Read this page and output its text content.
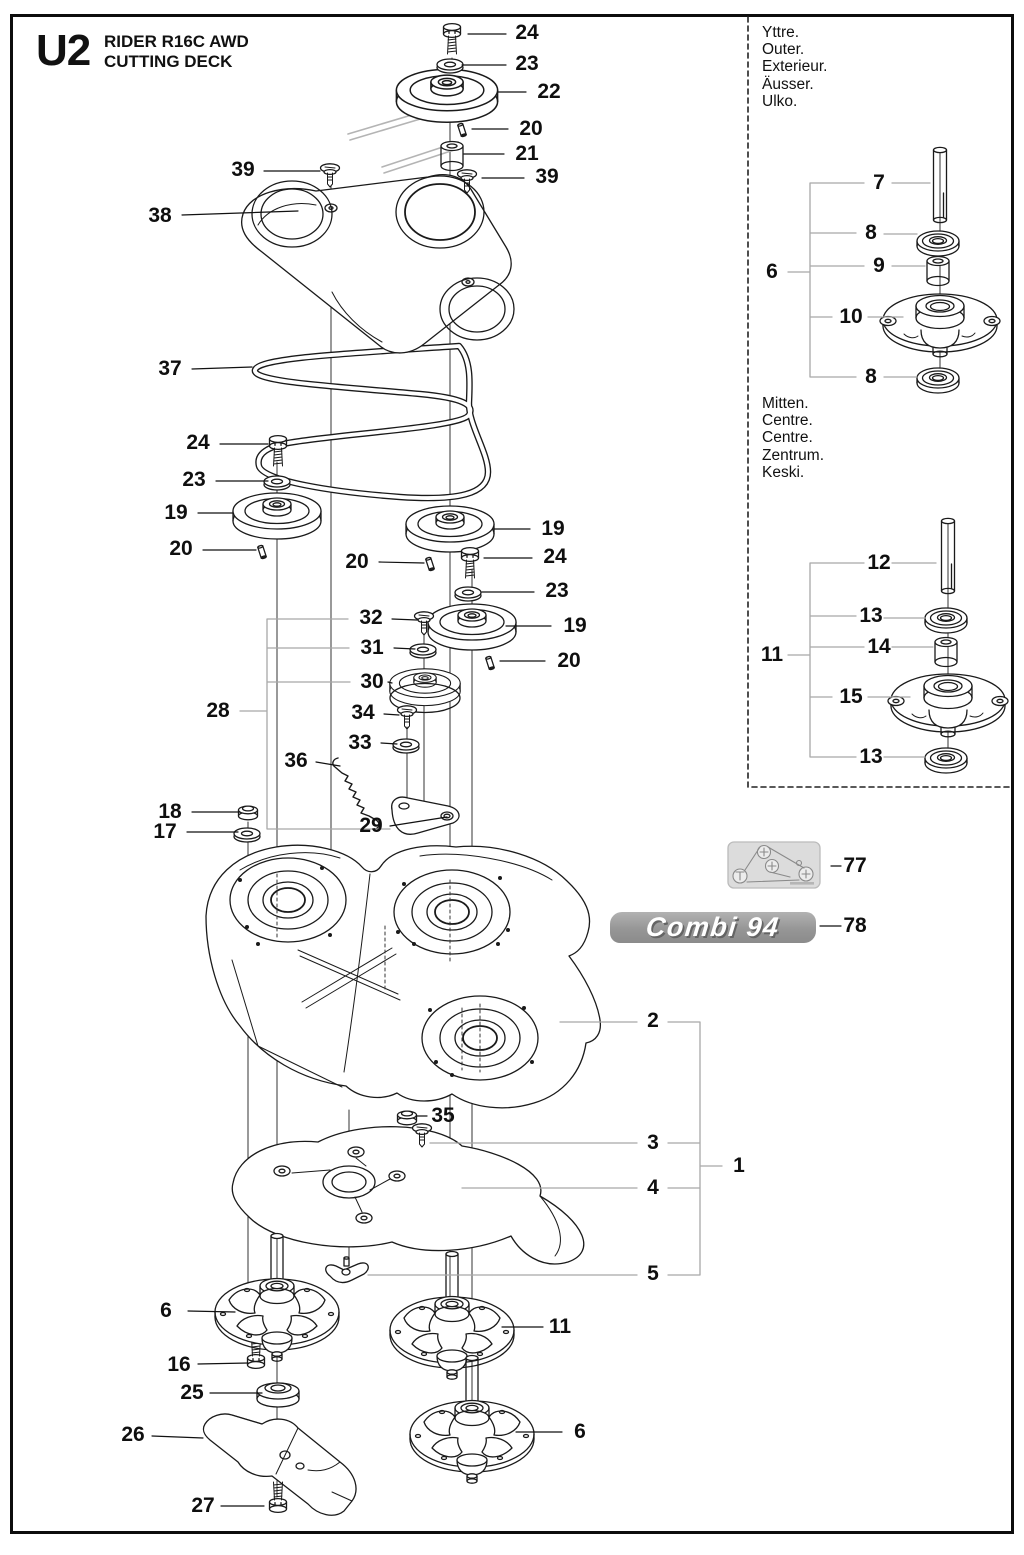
U2 RIDER R16C AWD
CUTTING DECK
Yttre.
Outer.
Exterieur.
Äusser.
Ulko.
Mitten.
Centre.
Centre.
Zentrum.
Keski.
Combi 94
24
23
22
20
21
39
39
38
37
24
23
19
20
19
20	24
23
32
31
19
20
30
34
33
36
28
29
18
17
77
78
2
3
1
4
5
35
6
11
16
25
26	6
27
7
8
9
10
8
6
12
13
14
15
13
11
